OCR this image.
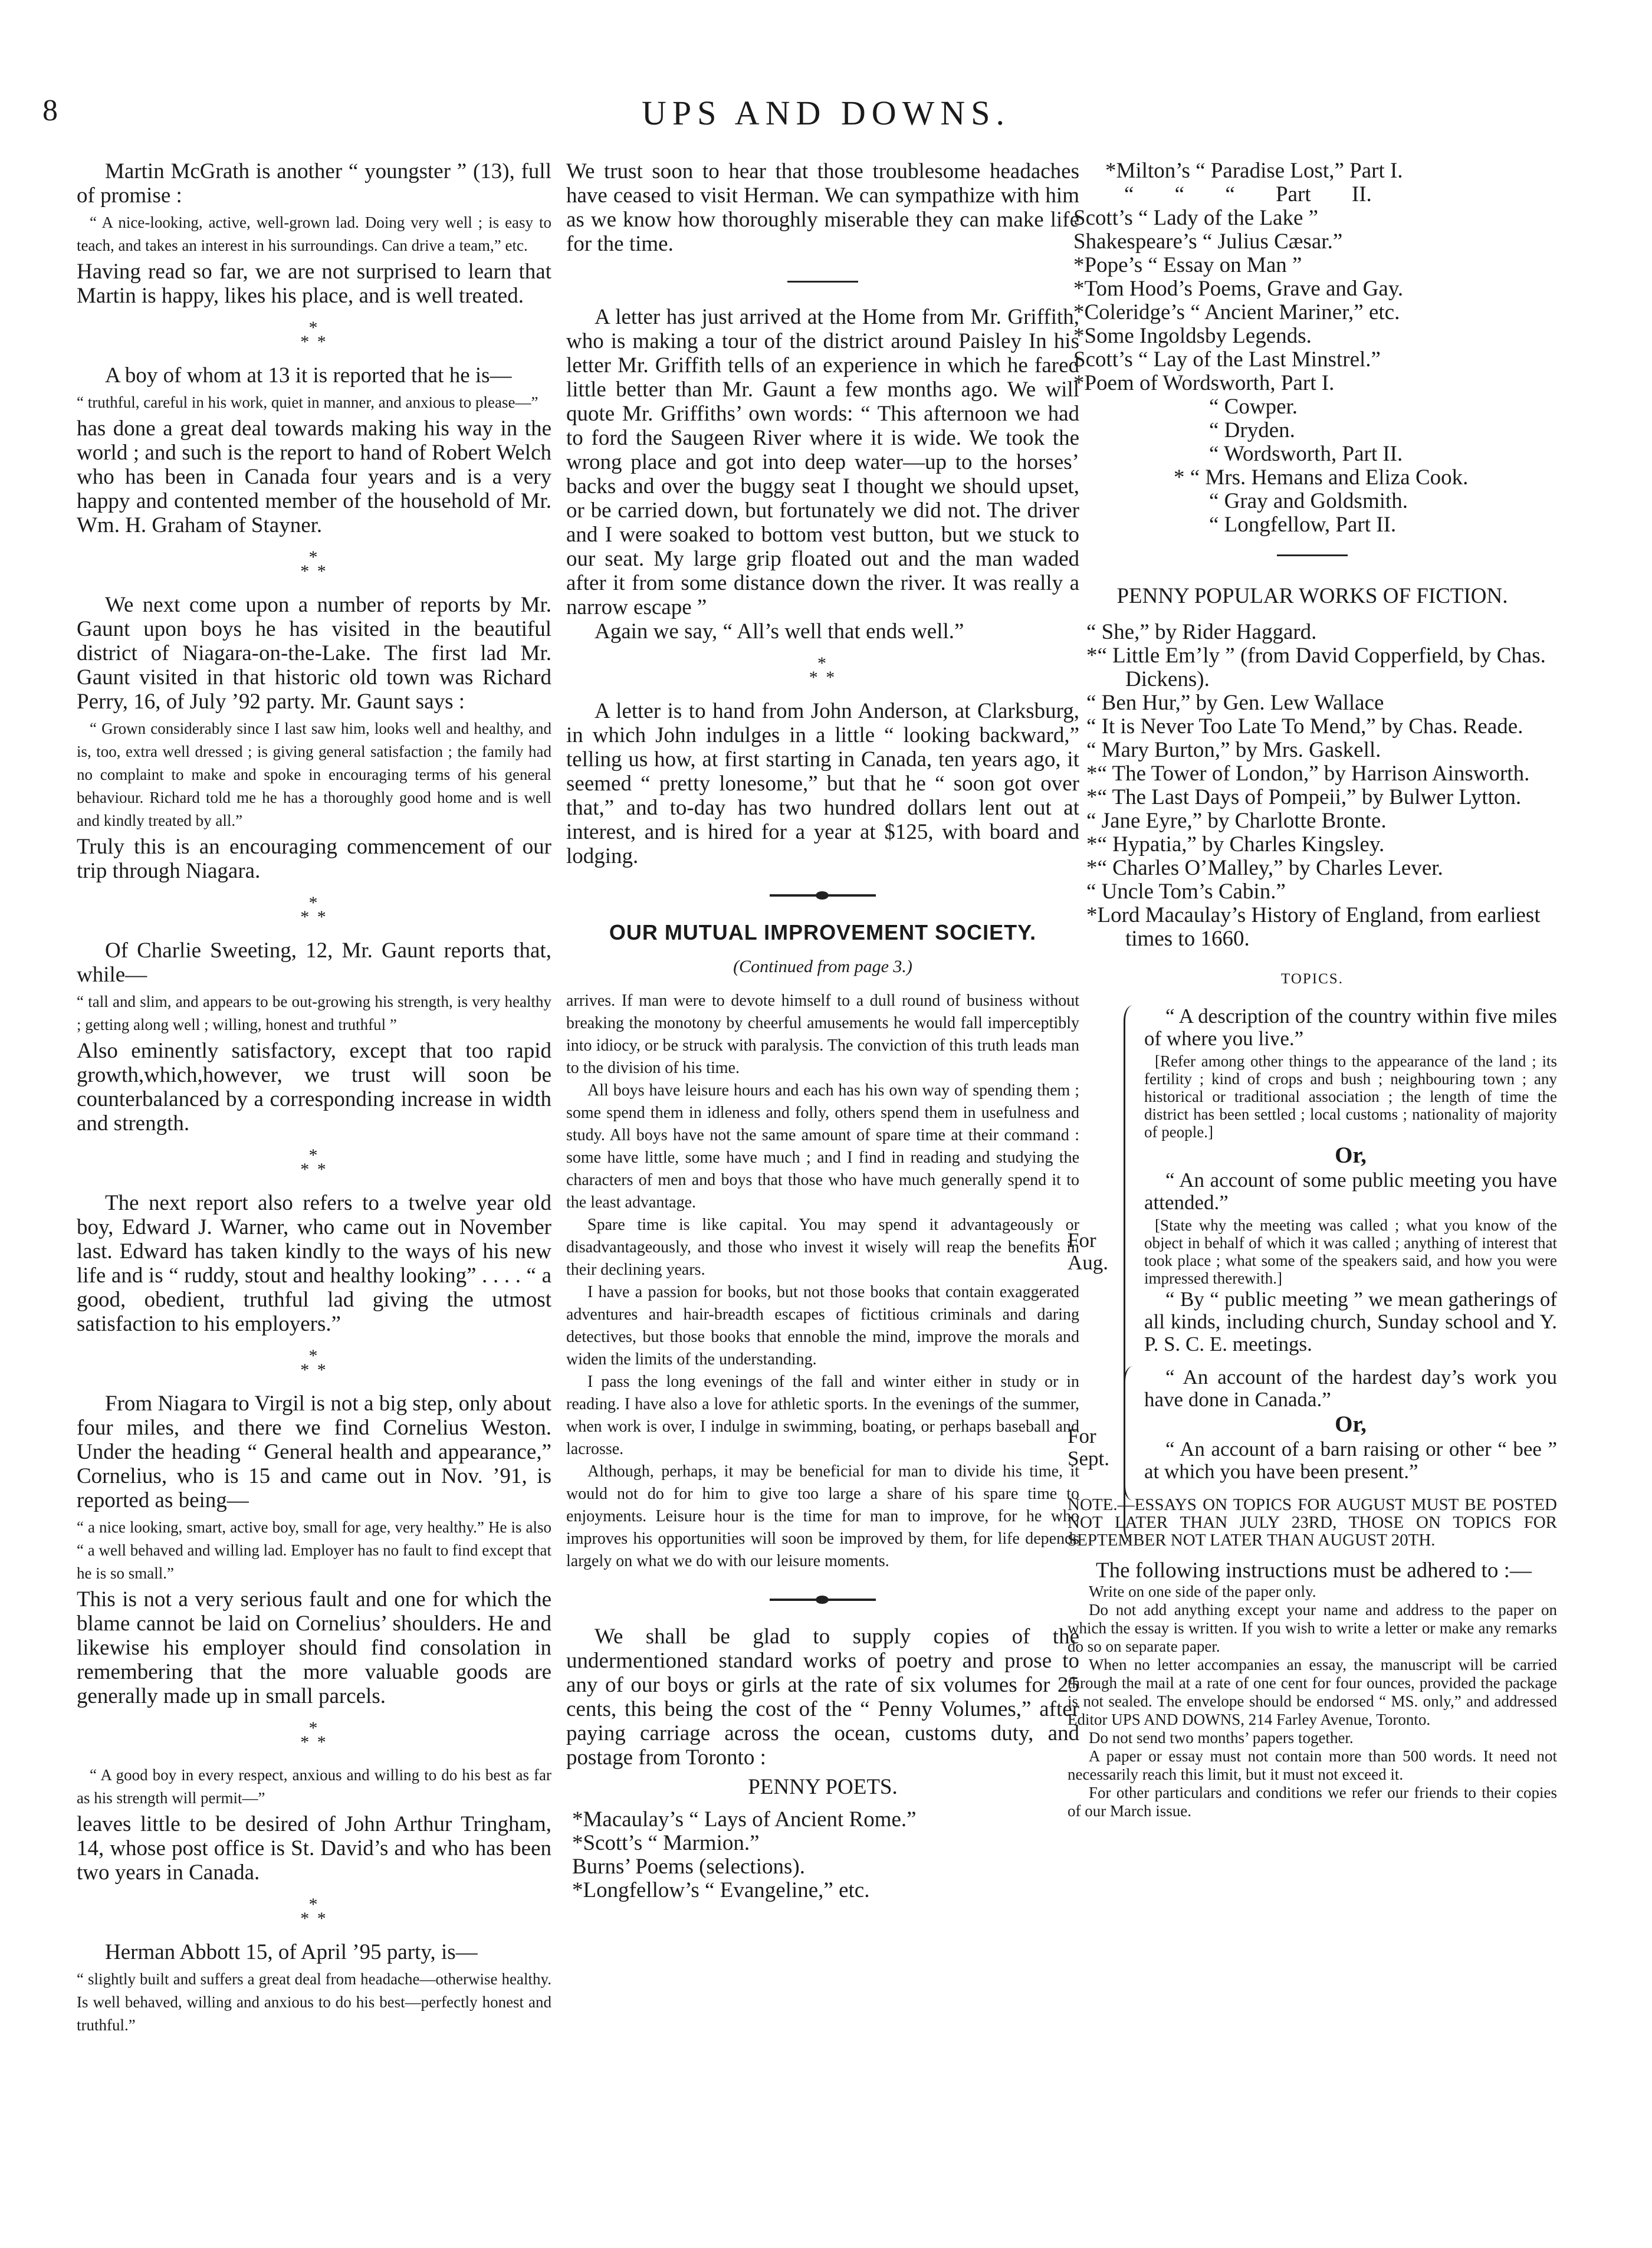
8	UPS AND DOWNS.

Martin McGrath is another “ youngster ” (13), full of promise :

“ A nice-looking, active, well-grown lad. Doing very well ; is easy to teach, and takes an interest in his surroundings. Can drive a team,” etc.

Having read so far, we are not surprised to learn that Martin is happy, likes his place, and is well treated.

*
* *

A boy of whom at 13 it is reported that he is—

“ truthful, careful in his work, quiet in manner, and anxious to please—”

has done a great deal towards making his way in the world ; and such is the report to hand of Robert Welch who has been in Canada four years and is a very happy and contented member of the household of Mr. Wm. H. Graham of Stayner.

*
* *

We next come upon a number of reports by Mr. Gaunt upon boys he has visited in the beautiful district of Niagara-on-the-Lake. The first lad Mr. Gaunt visited in that historic old town was Richard Perry, 16, of July ’92 party. Mr. Gaunt says :

“ Grown considerably since I last saw him, looks well and healthy, and is, too, extra well dressed ; is giving general satisfaction ; the family had no complaint to make and spoke in encouraging terms of his general behaviour. Richard told me he has a thoroughly good home and is well and kindly treated by all.”

Truly this is an encouraging commencement of our trip through Niagara.

*
* *

Of Charlie Sweeting, 12, Mr. Gaunt reports that, while—

“ tall and slim, and appears to be out-growing his strength, is very healthy ; getting along well ; willing, honest and truthful ”

Also eminently satisfactory, except that too rapid growth,which,however, we trust will soon be counterbalanced by a corresponding increase in width and strength.

*
* *

The next report also refers to a twelve year old boy, Edward J. Warner, who came out in November last. Edward has taken kindly to the ways of his new life and is “ ruddy, stout and healthy looking” . . . . “ a good, obedient, truthful lad giving the utmost satisfaction to his employers.”

*
* *

From Niagara to Virgil is not a big step, only about four miles, and there we find Cornelius Weston. Under the heading “ General health and appearance,” Cornelius, who is 15 and came out in Nov. ’91, is reported as being—

“ a nice looking, smart, active boy, small for age, very healthy.” He is also “ a well behaved and willing lad. Employer has no fault to find except that he is so small.”

This is not a very serious fault and one for which the blame cannot be laid on Cornelius’ shoulders. He and likewise his employer should find consolation in remembering that the more valuable goods are generally made up in small parcels.

*
* *

“ A good boy in every respect, anxious and willing to do his best as far as his strength will permit—”

leaves little to be desired of John Arthur Tringham, 14, whose post office is St. David’s and who has been two years in Canada.

*
* *

Herman Abbott 15, of April ’95 party, is—

“ slightly built and suffers a great deal from headache—otherwise healthy. Is well behaved, willing and anxious to do his best—perfectly honest and truthful.”

We trust soon to hear that those troublesome headaches have ceased to visit Herman. We can sympathize with him as we know how thoroughly miserable they can make life for the time.

A letter has just arrived at the Home from Mr. Griffith, who is making a tour of the district around Paisley In his letter Mr. Griffith tells of an experience in which he fared little better than Mr. Gaunt a few months ago. We will quote Mr. Griffiths’ own words: “ This afternoon we had to ford the Saugeen River where it is wide. We took the wrong place and got into deep water—up to the horses’ backs and over the buggy seat I thought we should upset, or be carried down, but fortunately we did not. The driver and I were soaked to bottom vest button, but we stuck to our seat. My large grip floated out and the man waded after it from some distance down the river. It was really a narrow escape ”

Again we say, “ All’s well that ends well.”

*
* *

A letter is to hand from John Anderson, at Clarksburg, in which John indulges in a little “ looking backward,” telling us how, at first starting in Canada, ten years ago, it seemed “ pretty lonesome,” but that he “ soon got over that,” and to-day has two hundred dollars lent out at interest, and is hired for a year at $125, with board and lodging.

OUR MUTUAL IMPROVEMENT SOCIETY.
(Continued from page 3.)

arrives. If man were to devote himself to a dull round of business without breaking the monotony by cheerful amusements he would fall imperceptibly into idiocy, or be struck with paralysis. The conviction of this truth leads man to the division of his time.

All boys have leisure hours and each has his own way of spending them ; some spend them in idleness and folly, others spend them in usefulness and study. All boys have not the same amount of spare time at their command : some have little, some have much ; and I find in reading and studying the characters of men and boys that those who have much generally spend it to the least advantage.

Spare time is like capital. You may spend it advantageously or disadvantageously, and those who invest it wisely will reap the benefits in their declining years.

I have a passion for books, but not those books that contain exaggerated adventures and hair-breadth escapes of fictitious criminals and daring detectives, but those books that ennoble the mind, improve the morals and widen the limits of the understanding.

I pass the long evenings of the fall and winter either in study or in reading. I have also a love for athletic sports. In the evenings of the summer, when work is over, I indulge in swimming, boating, or perhaps baseball and lacrosse.

Although, perhaps, it may be beneficial for man to divide his time, it would not do for him to give too large a share of his spare time to enjoyments. Leisure hour is the time for man to improve, for he who improves his opportunities will soon be improved by them, for life depends largely on what we do with our leisure moments.

We shall be glad to supply copies of the undermentioned standard works of poetry and prose to any of our boys or girls at the rate of six volumes for 25 cents, this being the cost of the “ Penny Volumes,” after paying carriage across the ocean, customs duty, and postage from Toronto :

PENNY POETS.

*Macaulay’s “ Lays of Ancient Rome.”

*Scott’s “ Marmion.”

Burns’ Poems (selections).

*Longfellow’s “ Evangeline,” etc.

*Milton’s “ Paradise Lost,” Part I.

“ “ “ Part II.

Scott’s “ Lady of the Lake ”

Shakespeare’s “ Julius Cæsar.”

*Pope’s “ Essay on Man ”

*Tom Hood’s Poems, Grave and Gay.

*Coleridge’s “ Ancient Mariner,” etc.

*Some Ingoldsby Legends.

Scott’s “ Lay of the Last Minstrel.”

*Poem of Wordsworth, Part I.

“ Cowper.

“ Dryden.

“ Wordsworth, Part II.

* “ Mrs. Hemans and Eliza Cook.

“ Gray and Goldsmith.

“ Longfellow, Part II.

PENNY POPULAR WORKS OF FICTION.

“ She,” by Rider Haggard.

*“ Little Em’ly ” (from David Copperfield, by Chas. Dickens).

“ Ben Hur,” by Gen. Lew Wallace

“ It is Never Too Late To Mend,” by Chas. Reade.

“ Mary Burton,” by Mrs. Gaskell.

*“ The Tower of London,” by Harrison Ainsworth.

*“ The Last Days of Pompeii,” by Bulwer Lytton.

“ Jane Eyre,” by Charlotte Bronte.

*“ Hypatia,” by Charles Kingsley.

*“ Charles O’Malley,” by Charles Lever.

“ Uncle Tom’s Cabin.”

*Lord Macaulay’s History of England, from earliest times to 1660.

TOPICS.
For
Aug.

“ A description of the country within five miles of where you live.”

[Refer among other things to the appearance of the land ; its fertility ; kind of crops and bush ; neighbouring town ; any historical or traditional association ; the length of time the district has been settled ; local customs ; nationality of majority of people.]

Or,

“ An account of some public meeting you have attended.”

[State why the meeting was called ; what you know of the object in behalf of which it was called ; anything of interest that took place ; what some of the speakers said, and how you were impressed therewith.]

“ By “ public meeting ” we mean gatherings of all kinds, including church, Sunday school and Y. P. S. C. E. meetings.

For
Sept.

“ An account of the hardest day’s work you have done in Canada.”

Or,

“ An account of a barn raising or other “ bee ” at which you have been present.”

NOTE.—ESSAYS ON TOPICS FOR AUGUST MUST BE POSTED NOT LATER THAN JULY 23RD, THOSE ON TOPICS FOR SEPTEMBER NOT LATER THAN AUGUST 20TH.

The following instructions must be adhered to :—

Write on one side of the paper only.

Do not add anything except your name and address to the paper on which the essay is written. If you wish to write a letter or make any remarks do so on separate paper.

When no letter accompanies an essay, the manuscript will be carried through the mail at a rate of one cent for four ounces, provided the package is not sealed. The envelope should be endorsed “ MS. only,” and addressed Editor UPS AND DOWNS, 214 Farley Avenue, Toronto.

Do not send two months’ papers together.

A paper or essay must not contain more than 500 words. It need not necessarily reach this limit, but it must not exceed it.

For other particulars and conditions we refer our friends to their copies of our March issue.
